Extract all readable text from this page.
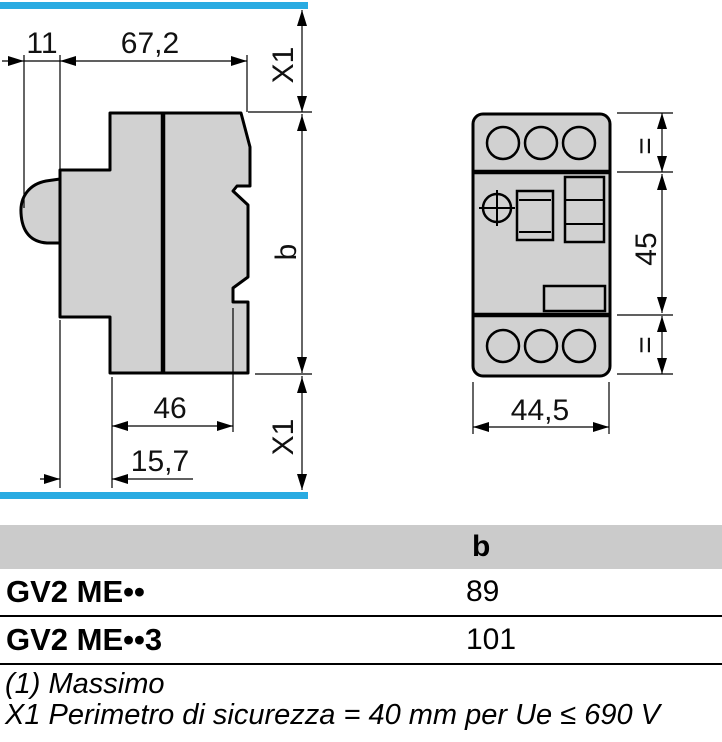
11 67,2
46
15,7
X1
b
X1
=
45
=
44,5
b
GV2 ME••	89
GV2 ME••3	101
(1) Massimo
X1 Perimetro di sicurezza = 40 mm per Ue ≤ 690 V
